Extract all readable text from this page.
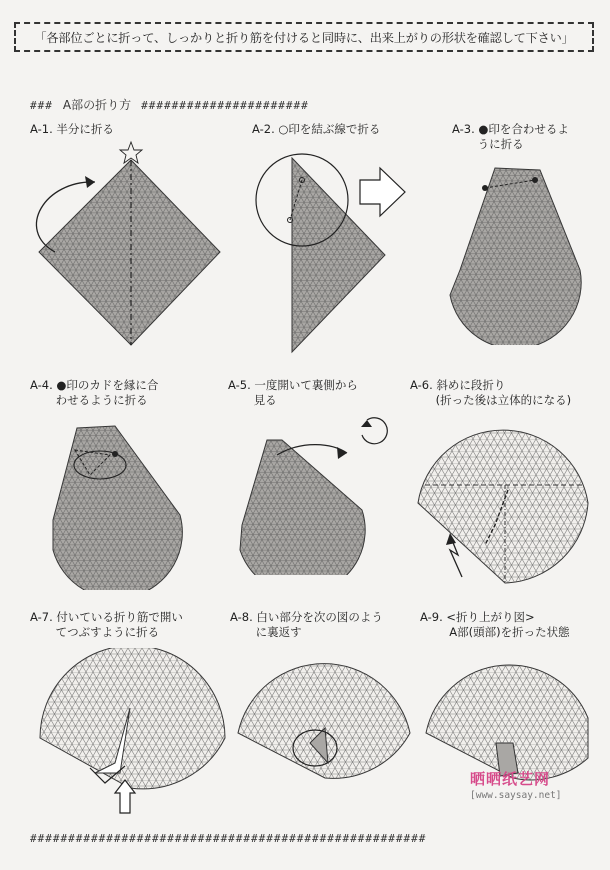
「各部位ごとに折って、しっかりと折り筋を付けると同時に、出来上がりの形状を確認して下さい」
### A部の折り方 ######################
A-1. 半分に折る	A-2. ○印を結ぶ線で折る	A-3. ●印を合わせるよ
うに折る
A-4. ●印のカドを縁に合
わせるように折る
A-5. 一度開いて裏側から
見る
A-6. 斜めに段折り
(折った後は立体的になる)
A-7. 付いている折り筋で開い
てつぶすように折る
A-8. 白い部分を次の図のよう
に裏返す
A-9. <折り上がり図>
A部(頭部)を折った状態
晒晒纸艺网
[www.saysay.net]
####################################################
